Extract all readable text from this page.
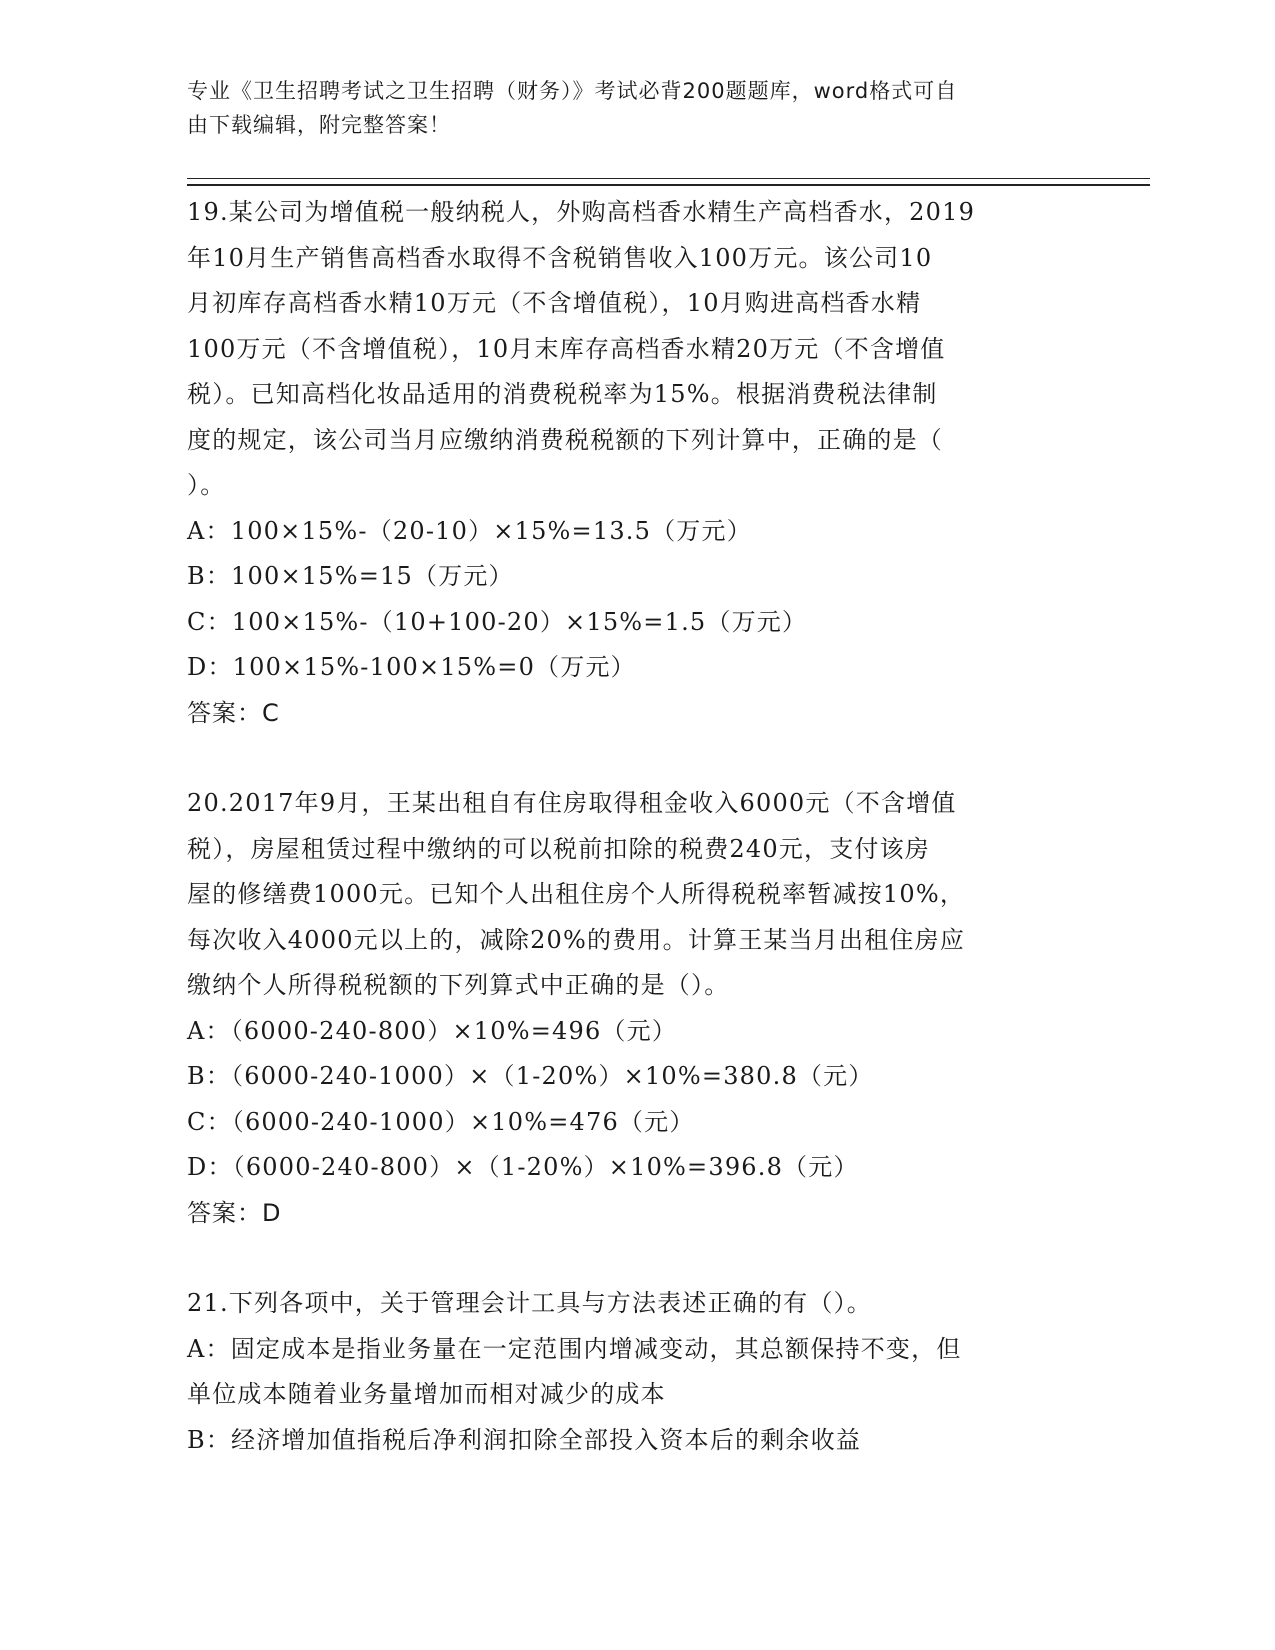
专业《卫生招聘考试之卫生招聘（财务）》考试必背200题题库，word格式可自
由下载编辑，附完整答案！

19.某公司为增值税一般纳税人，外购高档香水精生产高档香水，2019

年10月生产销售高档香水取得不含税销售收入100万元。该公司10

月初库存高档香水精10万元（不含增值税），10月购进高档香水精

100万元（不含增值税），10月末库存高档香水精20万元（不含增值

税）。已知高档化妆品适用的消费税税率为15%。根据消费税法律制

度的规定，该公司当月应缴纳消费税税额的下列计算中，正确的是（

）。

A：100×15%-（20-10）×15%=13.5（万元）

B：100×15%=15（万元）

C：100×15%-（10+100-20）×15%=1.5（万元）

D：100×15%-100×15%=0（万元）

答案：C

20.2017年9月，王某出租自有住房取得租金收入6000元（不含增值

税），房屋租赁过程中缴纳的可以税前扣除的税费240元，支付该房

屋的修缮费1000元。已知个人出租住房个人所得税税率暂减按10%，

每次收入4000元以上的，减除20%的费用。计算王某当月出租住房应

缴纳个人所得税税额的下列算式中正确的是（）。

A：（6000-240-800）×10%=496（元）

B：（6000-240-1000）×（1-20%）×10%=380.8（元）

C：（6000-240-1000）×10%=476（元）

D：（6000-240-800）×（1-20%）×10%=396.8（元）

答案：D

21.下列各项中，关于管理会计工具与方法表述正确的有（）。

A：固定成本是指业务量在一定范围内增减变动，其总额保持不变，但

单位成本随着业务量增加而相对减少的成本

B：经济增加值指税后净利润扣除全部投入资本后的剩余收益
